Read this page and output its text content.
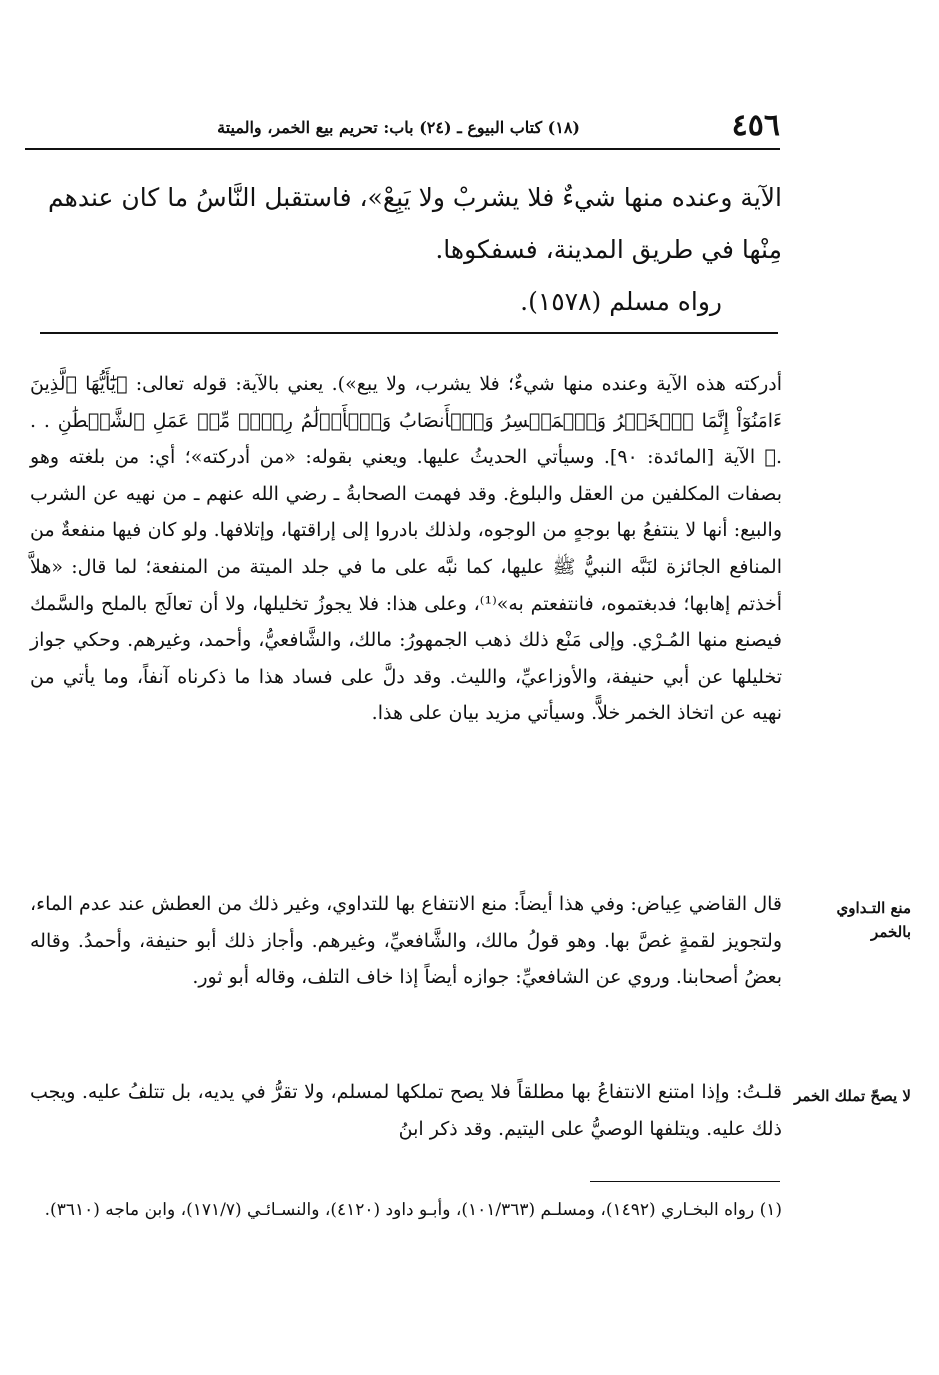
٤٥٦
(١٨) كتاب البيوع ـ (٢٤) باب: تحريم بيع الخمر، والميتة

الآية وعنده منها شيءٌ فلا يشربْ ولا يَبِعْ»، فاستقبل النَّاسُ ما كان عندهم

مِنْها في طريق المدينة، فسفكوها.

رواه مسلم (١٥٧٨).

أدركته هذه الآية وعنده منها شيءٌ؛ فلا يشرب، ولا يبع»). يعني بالآية: قوله تعالى: ﴿يَٰٓأَيُّهَا ٱلَّذِينَ ءَامَنُوٓاْ إِنَّمَا ٱلۡخَمۡرُ وَٱلۡمَيۡسِرُ وَٱلۡأَنصَابُ وَٱلۡأَزۡلَٰمُ رِجۡسٞ مِّنۡ عَمَلِ ٱلشَّيۡطَٰنِ . . .﴾ الآية [المائدة: ٩٠]. وسيأتي الحديثُ عليها. ويعني بقوله: «من أدركته»؛ أي: من بلغته وهو بصفات المكلفين من العقل والبلوغ. وقد فهمت الصحابةُ ـ رضي الله عنهم ـ من نهيه عن الشرب والبيع: أنها لا ينتفعُ بها بوجهٍ من الوجوه، ولذلك بادروا إلى إراقتها، وإتلافها. ولو كان فيها منفعةٌ من المنافع الجائزة لنَبَّه النبيُّ ﷺ عليها، كما نبَّه على ما في جلد الميتة من المنفعة؛ لما قال: «هلاَّ أخذتم إهابها؛ فدبغتموه، فانتفعتم به»⁽¹⁾، وعلى هذا: فلا يجوزُ تخليلها، ولا أن تعالَج بالملح والسَّمك فيصنع منها المُـرْي. وإلى مَنْع ذلك ذهب الجمهورُ: مالك، والشَّافعيُّ، وأحمد، وغيرهم. وحكي جواز تخليلها عن أبي حنيفة، والأوزاعيِّ، والليث. وقد دلَّ على فساد هذا ما ذكرناه آنفاً، وما يأتي من نهيه عن اتخاذ الخمر خلاًّ. وسيأتي مزيد بيان على هذا.

منع التـداوي بالخمر

قال القاضي عِياض: وفي هذا أيضاً: منع الانتفاع بها للتداوي، وغير ذلك من العطش عند عدم الماء، ولتجويز لقمةٍ غصَّ بها. وهو قولُ مالك، والشَّافعيِّ، وغيرهم. وأجاز ذلك أبو حنيفة، وأحمدُ. وقاله بعضُ أصحابنا. وروي عن الشافعيِّ: جوازه أيضاً إذا خاف التلف، وقاله أبو ثور.

لا يصحّ تملك الخمر

قلـتُ: وإذا امتنع الانتفاعُ بها مطلقاً فلا يصح تملكها لمسلم، ولا تقرُّ في يديه، بل تتلفُ عليه. ويجب ذلك عليه. ويتلفها الوصيُّ على اليتيم. وقد ذكر ابنُ

(١) رواه البخـاري (١٤٩٢)، ومسلـم (١٠١/٣٦٣)، وأبـو داود (٤١٢٠)، والنسـائـي (١٧١/٧)، وابن ماجه (٣٦١٠).
